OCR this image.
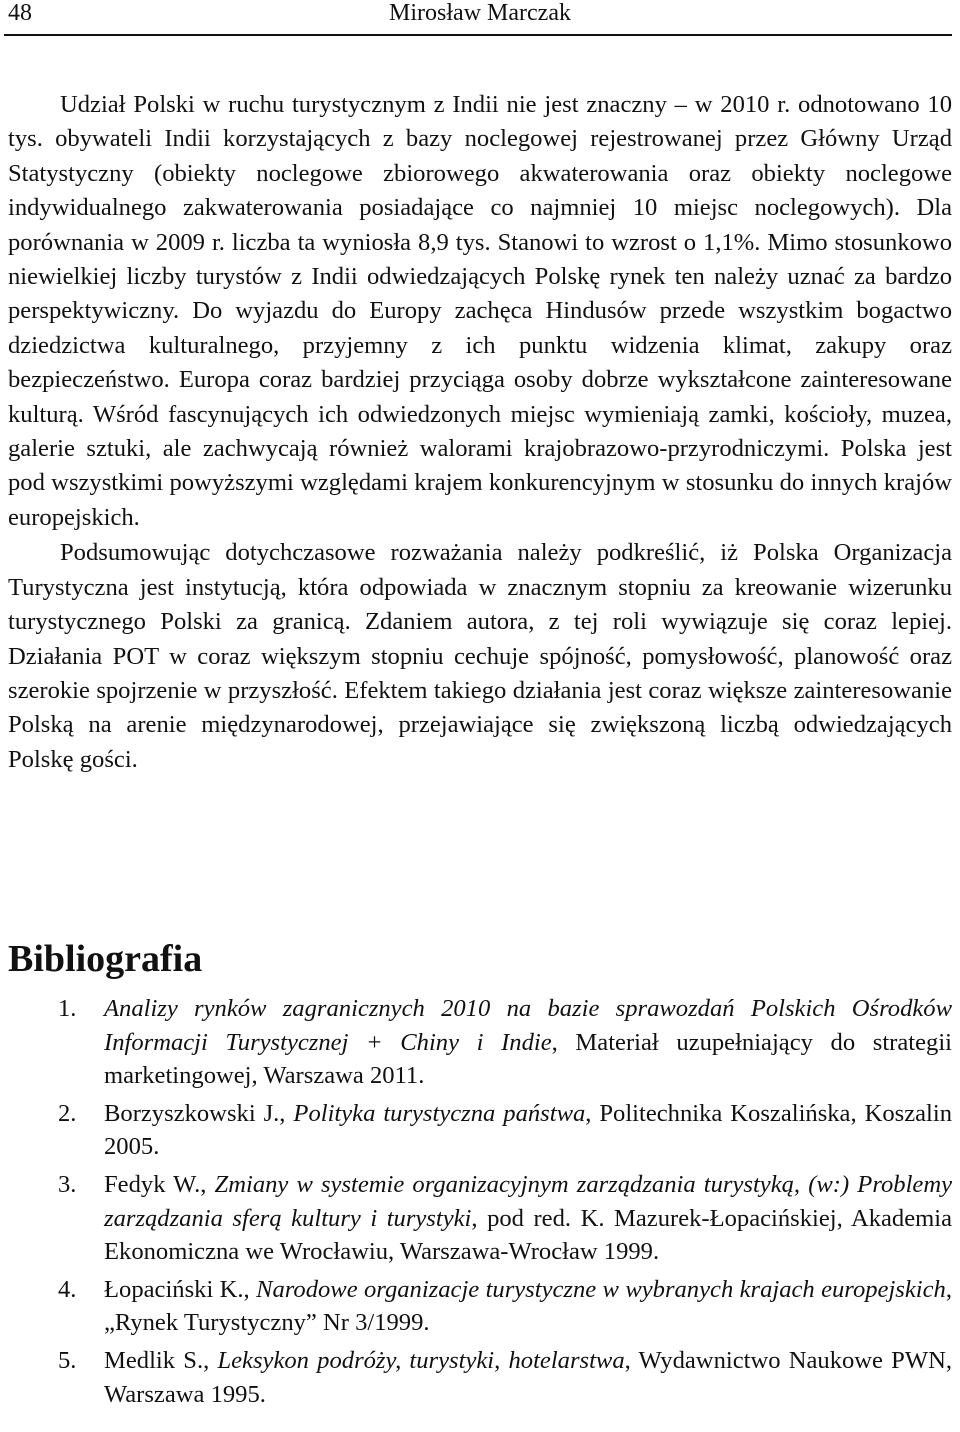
48	Mirosław Marczak

Udział Polski w ruchu turystycznym z Indii nie jest znaczny – w 2010 r. odnotowano 10 tys. obywateli Indii korzystających z bazy noclegowej rejestrowanej przez Główny Urząd Statystyczny (obiekty noclegowe zbiorowego akwaterowania oraz obiekty noclegowe indywidualnego zakwaterowania posiadające co najmniej 10 miejsc noclegowych). Dla porównania w 2009 r. liczba ta wyniosła 8,9 tys. Stanowi to wzrost o 1,1%. Mimo stosunkowo niewielkiej liczby turystów z Indii odwiedzających Polskę rynek ten należy uznać za bardzo perspektywiczny. Do wyjazdu do Europy zachęca Hindusów przede wszystkim bogactwo dziedzictwa kulturalnego, przyjemny z ich punktu widzenia klimat, zakupy oraz bezpieczeństwo. Europa coraz bardziej przyciąga osoby dobrze wykształcone zainteresowane kulturą. Wśród fascynujących ich odwiedzonych miejsc wymieniają zamki, kościoły, muzea, galerie sztuki, ale zachwycają również walorami krajobrazowo-przyrodniczymi. Polska jest pod wszystkimi powyższymi względami krajem konkurencyjnym w stosunku do innych krajów europejskich.

Podsumowując dotychczasowe rozważania należy podkreślić, iż Polska Organizacja Turystyczna jest instytucją, która odpowiada w znacznym stopniu za kreowanie wizerunku turystycznego Polski za granicą. Zdaniem autora, z tej roli wywiązuje się coraz lepiej. Działania POT w coraz większym stopniu cechuje spójność, pomysłowość, planowość oraz szerokie spojrzenie w przyszłość. Efektem takiego działania jest coraz większe zainteresowanie Polską na arenie międzynarodowej, przejawiające się zwiększoną liczbą odwiedzających Polskę gości.

Bibliografia
1. Analizy rynków zagranicznych 2010 na bazie sprawozdań Polskich Ośrodków Informacji Turystycznej + Chiny i Indie, Materiał uzupełniający do strategii marketingowej, Warszawa 2011.
2. Borzyszkowski J., Polityka turystyczna państwa, Politechnika Koszalińska, Koszalin 2005.
3. Fedyk W., Zmiany w systemie organizacyjnym zarządzania turystyką, (w:) Problemy zarządzania sferą kultury i turystyki, pod red. K. Mazurek-Łopacińskiej, Akademia Ekonomiczna we Wrocławiu, Warszawa-Wrocław 1999.
4. Łopaciński K., Narodowe organizacje turystyczne w wybranych krajach europejskich, „Rynek Turystyczny” Nr 3/1999.
5. Medlik S., Leksykon podróży, turystyki, hotelarstwa, Wydawnictwo Naukowe PWN, Warszawa 1995.
